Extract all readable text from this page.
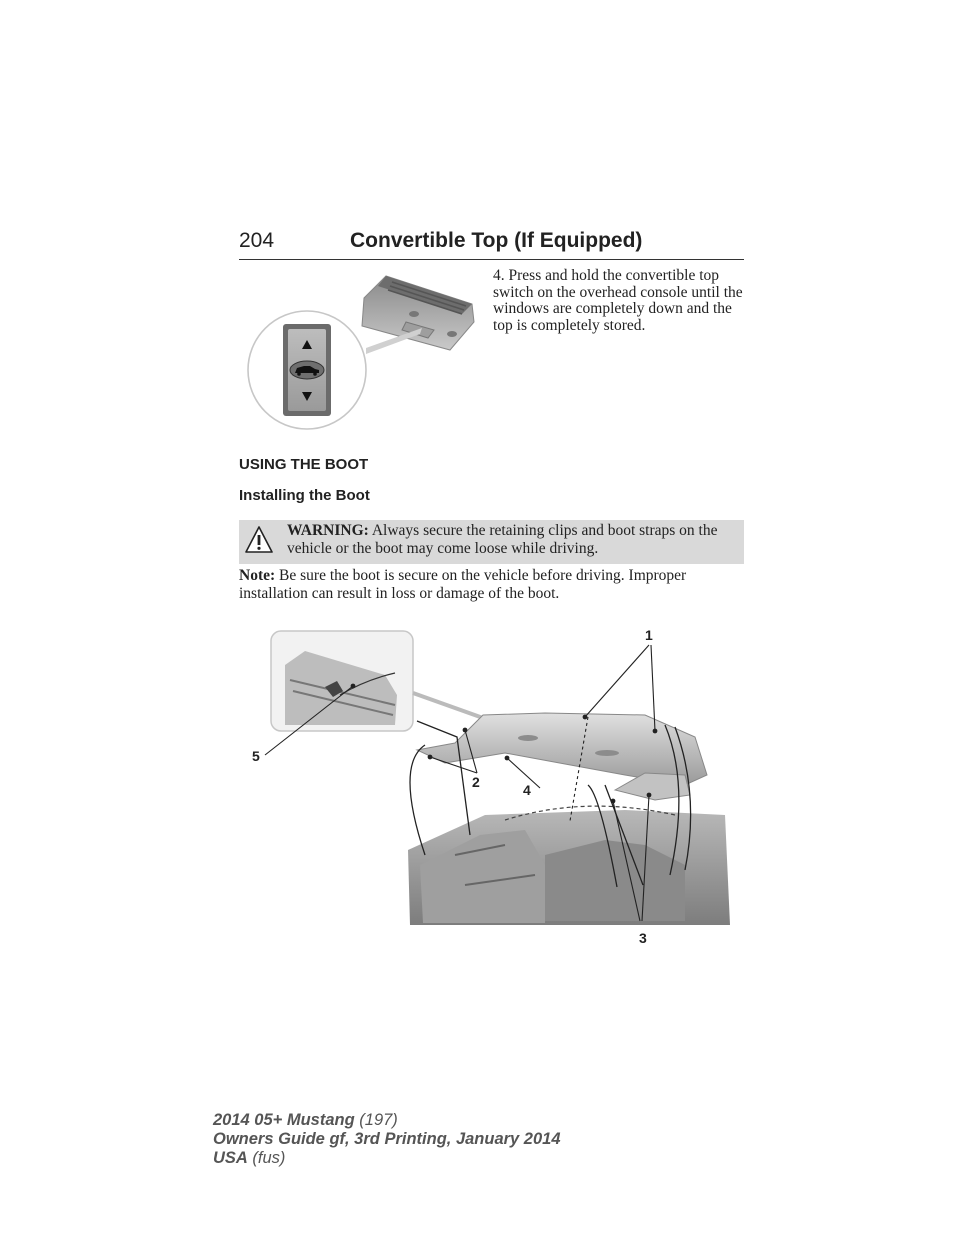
204	Convertible Top (If Equipped)
4. Press and hold the convertible top switch on the overhead console until the windows are completely down and the top is completely stored.
USING THE BOOT
Installing the Boot
WARNING: Always secure the retaining clips and boot straps on the vehicle or the boot may come loose while driving.
Note: Be sure the boot is secure on the vehicle before driving. Improper installation can result in loss or damage of the boot.
1
2
3
4
5
2014 05+ Mustang (197)
Owners Guide gf, 3rd Printing, January 2014
USA (fus)
